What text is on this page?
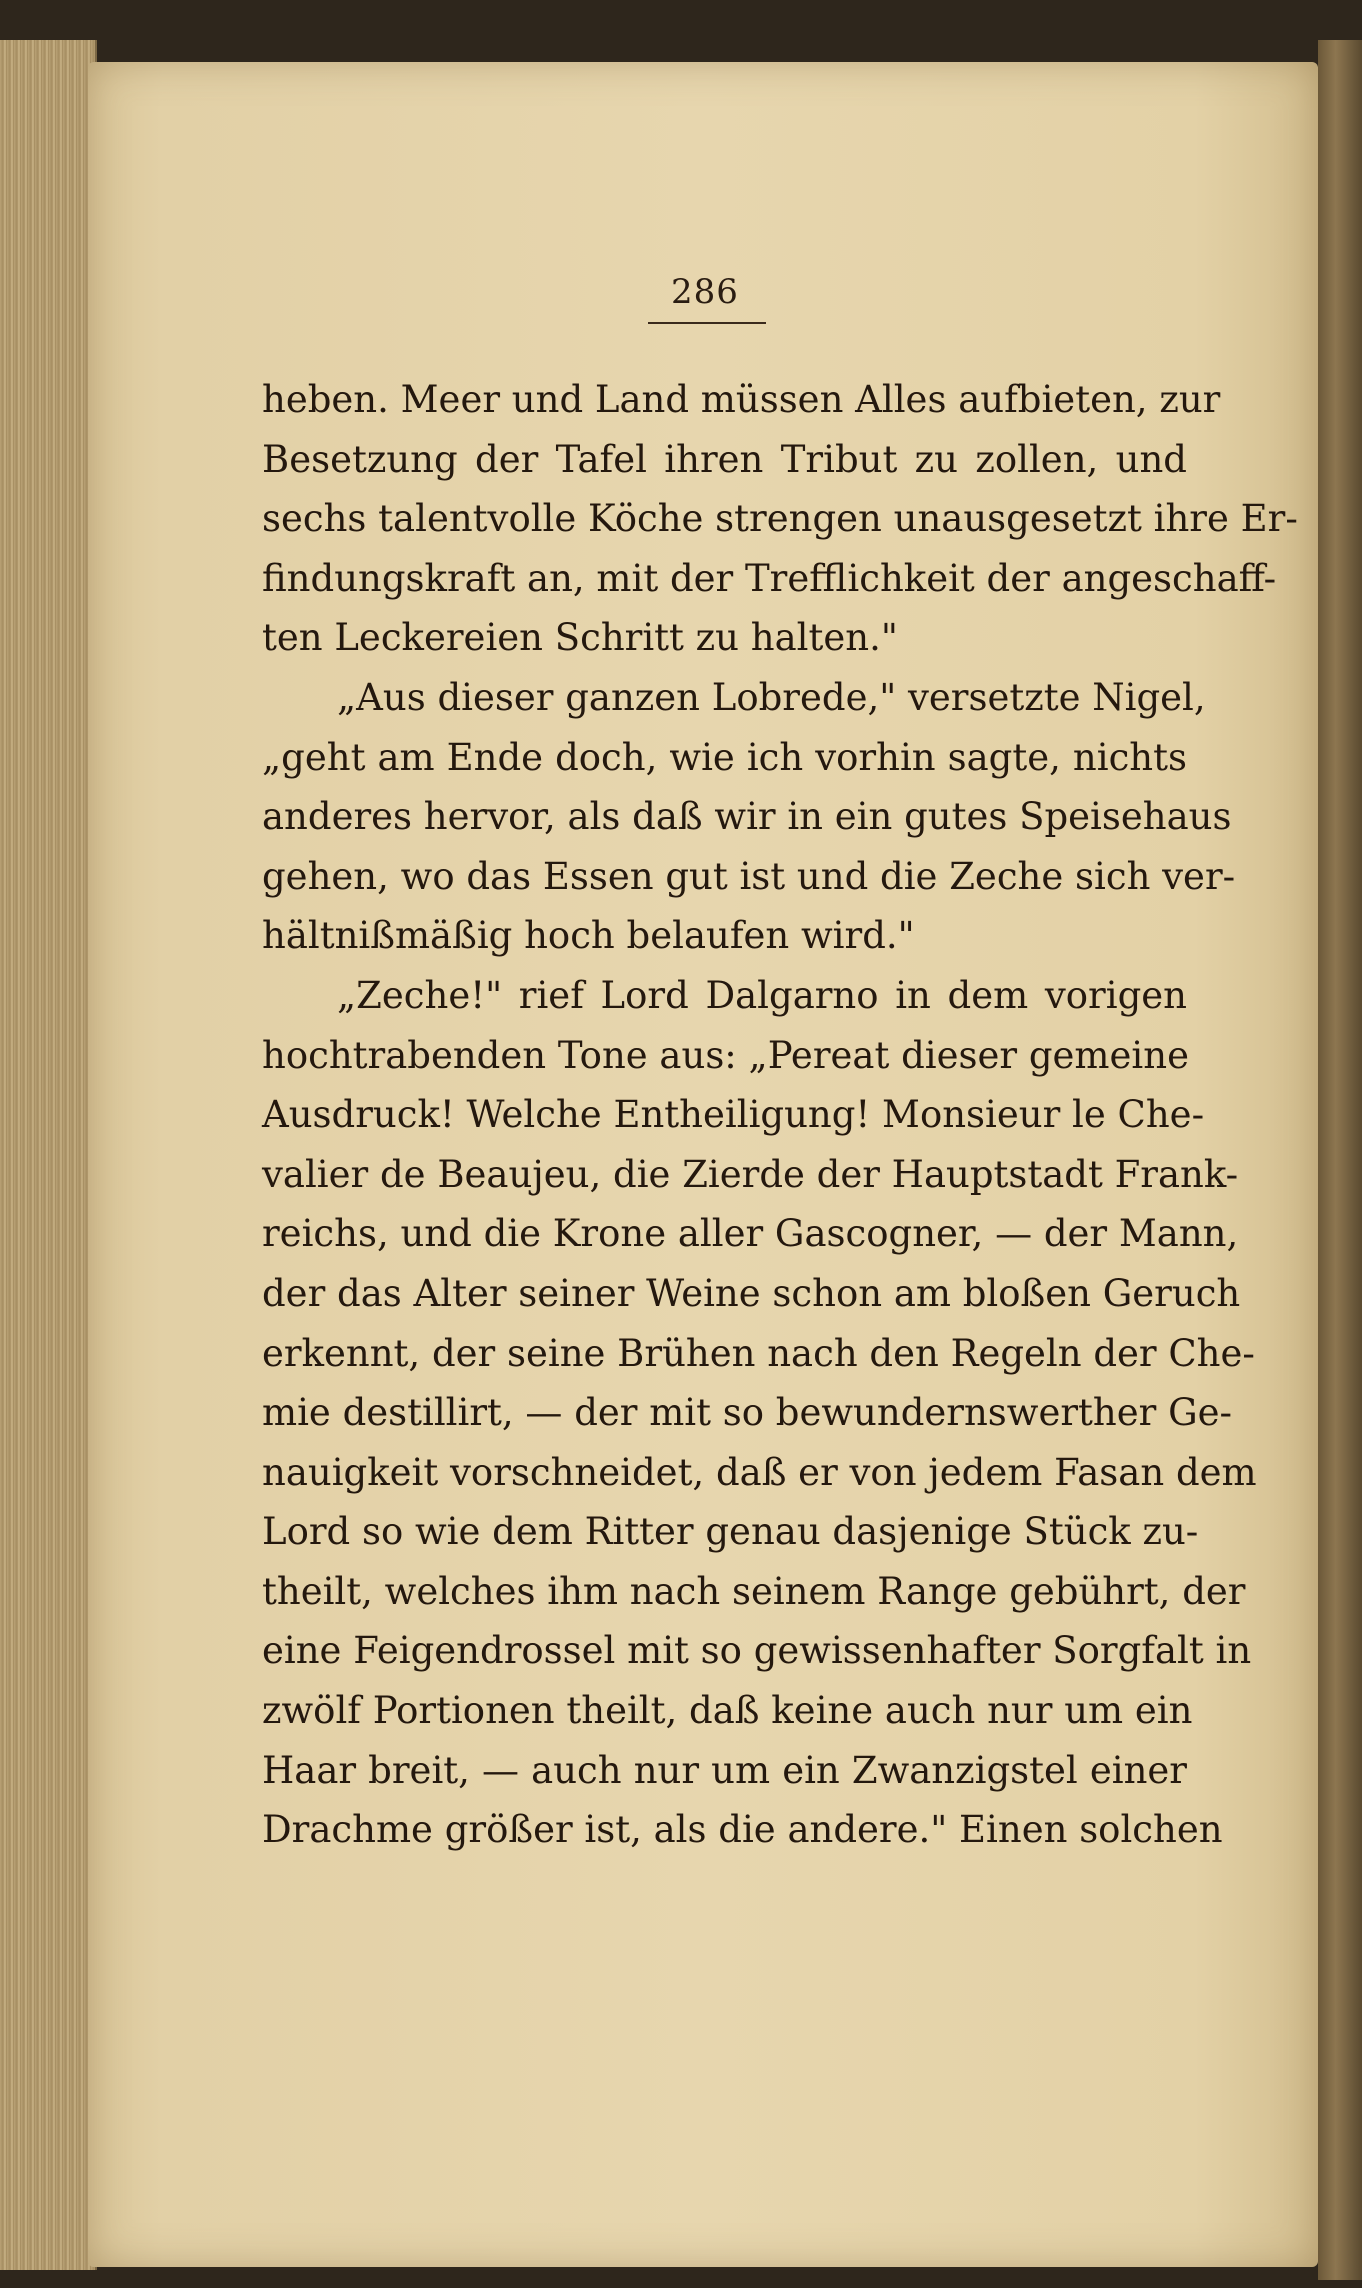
286
heben. Meer und Land müssen Alles aufbieten, zur
Besetzung der Tafel ihren Tribut zu zollen, und
sechs talentvolle Köche strengen unausgesetzt ihre Er-
findungskraft an, mit der Trefflichkeit der angeschaff-
ten Leckereien Schritt zu halten."
„Aus dieser ganzen Lobrede," versetzte Nigel,
„geht am Ende doch, wie ich vorhin sagte, nichts
anderes hervor, als daß wir in ein gutes Speisehaus
gehen, wo das Essen gut ist und die Zeche sich ver-
hältnißmäßig hoch belaufen wird."
„Zeche!" rief Lord Dalgarno in dem vorigen
hochtrabenden Tone aus: „Pereat dieser gemeine
Ausdruck! Welche Entheiligung! Monsieur le Che-
valier de Beaujeu, die Zierde der Hauptstadt Frank-
reichs, und die Krone aller Gascogner, — der Mann,
der das Alter seiner Weine schon am bloßen Geruch
erkennt, der seine Brühen nach den Regeln der Che-
mie destillirt, — der mit so bewundernswerther Ge-
nauigkeit vorschneidet, daß er von jedem Fasan dem
Lord so wie dem Ritter genau dasjenige Stück zu-
theilt, welches ihm nach seinem Range gebührt, der
eine Feigendrossel mit so gewissenhafter Sorgfalt in
zwölf Portionen theilt, daß keine auch nur um ein
Haar breit, — auch nur um ein Zwanzigstel einer
Drachme größer ist, als die andere." Einen solchen
